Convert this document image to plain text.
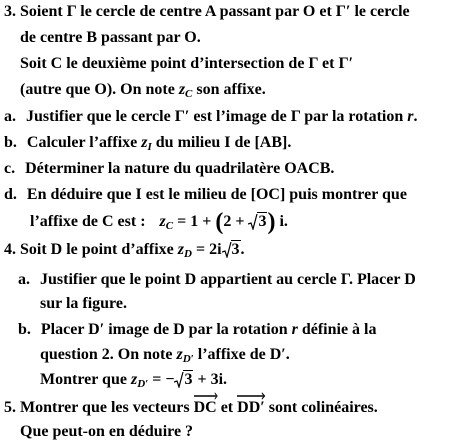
3. Soient Γ le cercle de centre A passant par O et Γ′ le cercle
de centre B passant par O.
Soit C le deuxième point d’intersection de Γ et Γ′
(autre que O). On note $z_C$ son affixe.
a. Justifier que le cercle Γ′ est l’image de Γ par la rotation r.
b. Calculer l’affixe $z_I$ du milieu I de [AB].
c. Déterminer la nature du quadrilatère OACB.
d. En déduire que I est le milieu de [OC] puis montrer que
l’affixe de C est : $z_C = 1 + (2 + 3)$ i.
4. Soit D le point d’affixe $z_D = 2i$ 3.
a. Justifier que le point D appartient au cercle Γ. Placer D
sur la figure.
b. Placer D′ image de D par la rotation r définie à la
question 2. On note $z_{D'}$ l’affixe de D′.
Montrer que $z_{D'}$ = − 3 + 3i.
5. Montrer que les vecteurs DC et DD′ sont colinéaires.
Que peut-on en déduire ?
